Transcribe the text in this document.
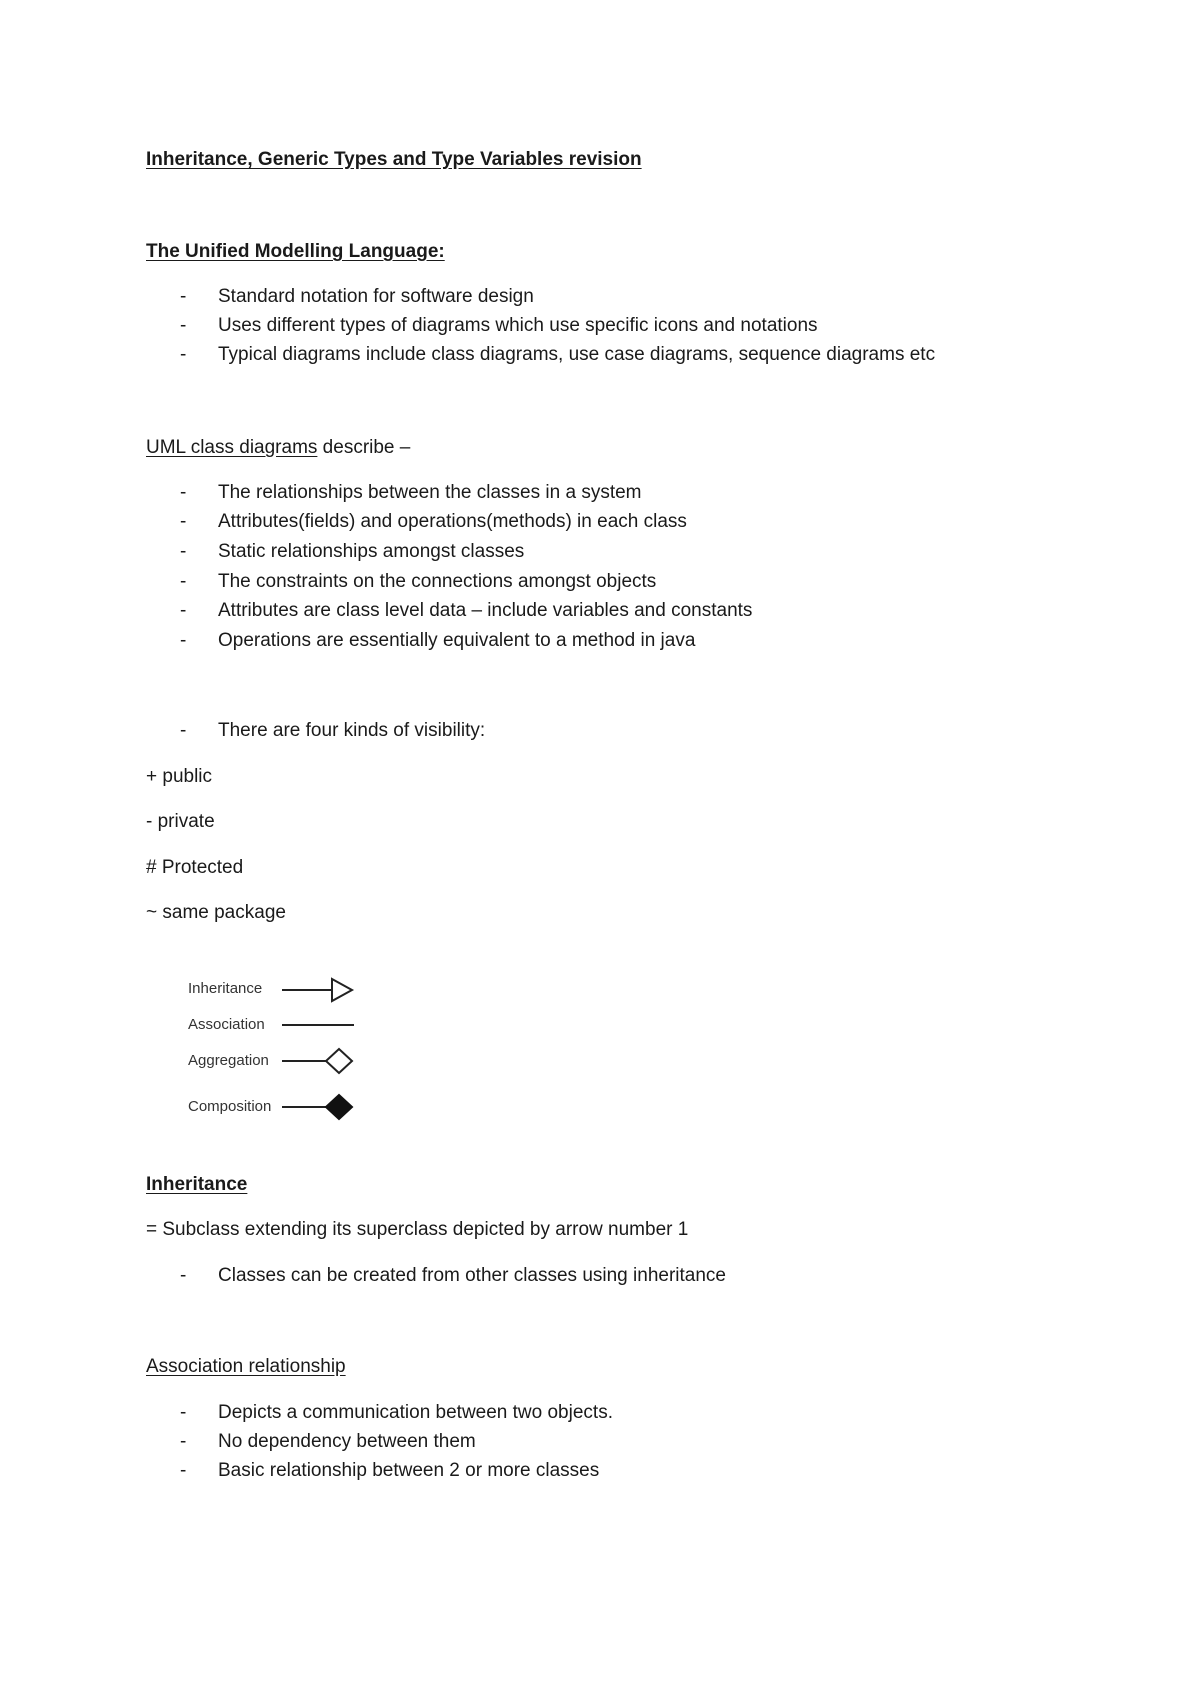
Inheritance, Generic Types and Type Variables revision
The Unified Modelling Language:
- Standard notation for software design
- Uses different types of diagrams which use specific icons and notations
- Typical diagrams include class diagrams, use case diagrams, sequence diagrams etc
UML class diagrams describe –
- The relationships between the classes in a system
- Attributes(fields) and operations(methods) in each class
- Static relationships amongst classes
- The constraints on the connections amongst objects
- Attributes are class level data – include variables and constants
- Operations are essentially equivalent to a method in java
- There are four kinds of visibility:
+ public
- private
# Protected
~ same package
Inheritance
Association
Aggregation
Composition
Inheritance
= Subclass extending its superclass depicted by arrow number 1
- Classes can be created from other classes using inheritance
Association relationship
- Depicts a communication between two objects.
- No dependency between them
- Basic relationship between 2 or more classes
